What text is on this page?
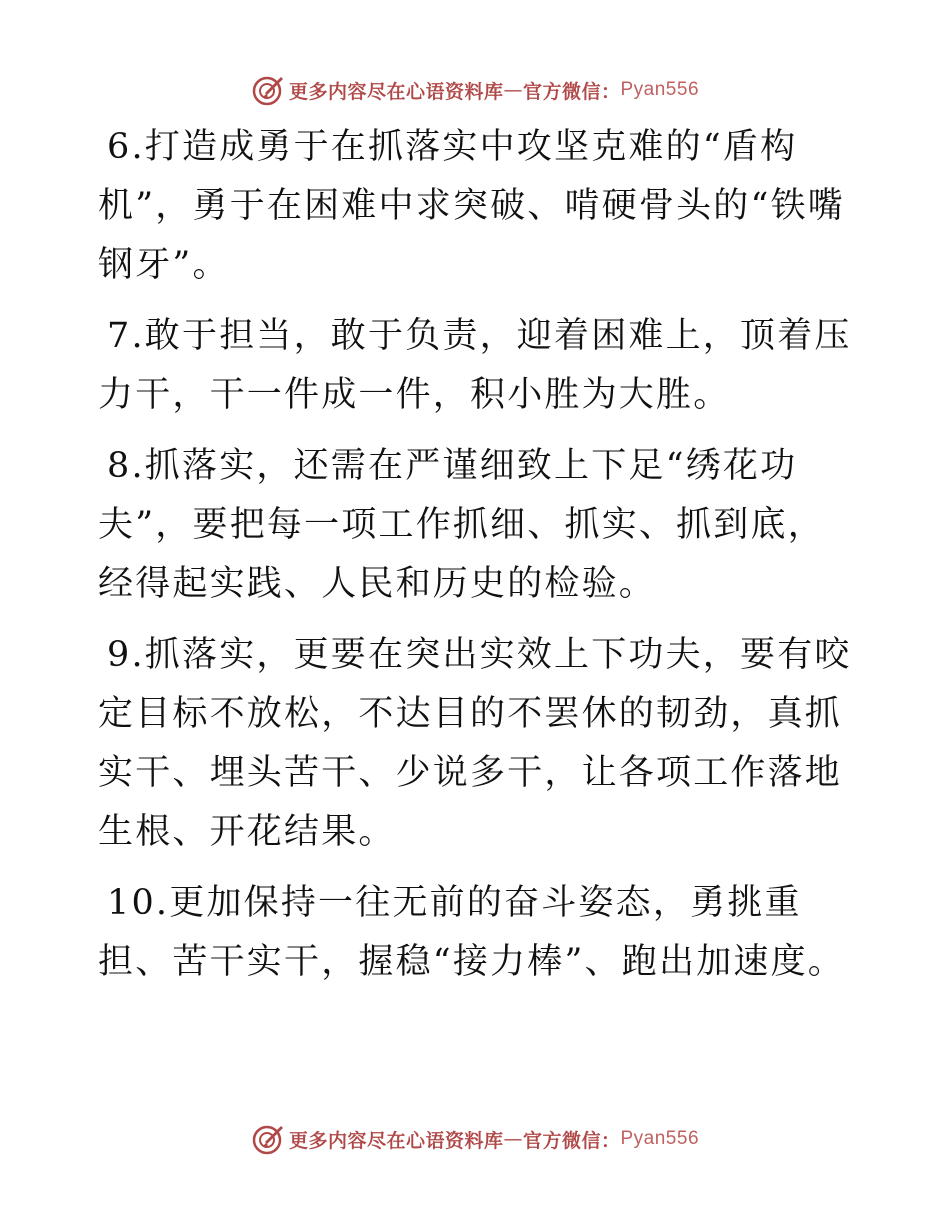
更多内容尽在心语资料库 — 官方微信： Pyan556

6.打造成勇于在抓落实中攻坚克难的“盾构机”，勇于在困难中求突破、啃硬骨头的“铁嘴钢牙”。

7.敢于担当，敢于负责，迎着困难上，顶着压力干，干一件成一件，积小胜为大胜。

8.抓落实，还需在严谨细致上下足“绣花功夫”，要把每一项工作抓细、抓实、抓到底，经得起实践、人民和历史的检验。

9.抓落实，更要在突出实效上下功夫，要有咬定目标不放松，不达目的不罢休的韧劲，真抓实干、埋头苦干、少说多干，让各项工作落地生根、开花结果。

10.更加保持一往无前的奋斗姿态，勇挑重担、苦干实干，握稳“接力棒”、跑出加速度。

更多内容尽在心语资料库 — 官方微信： Pyan556
